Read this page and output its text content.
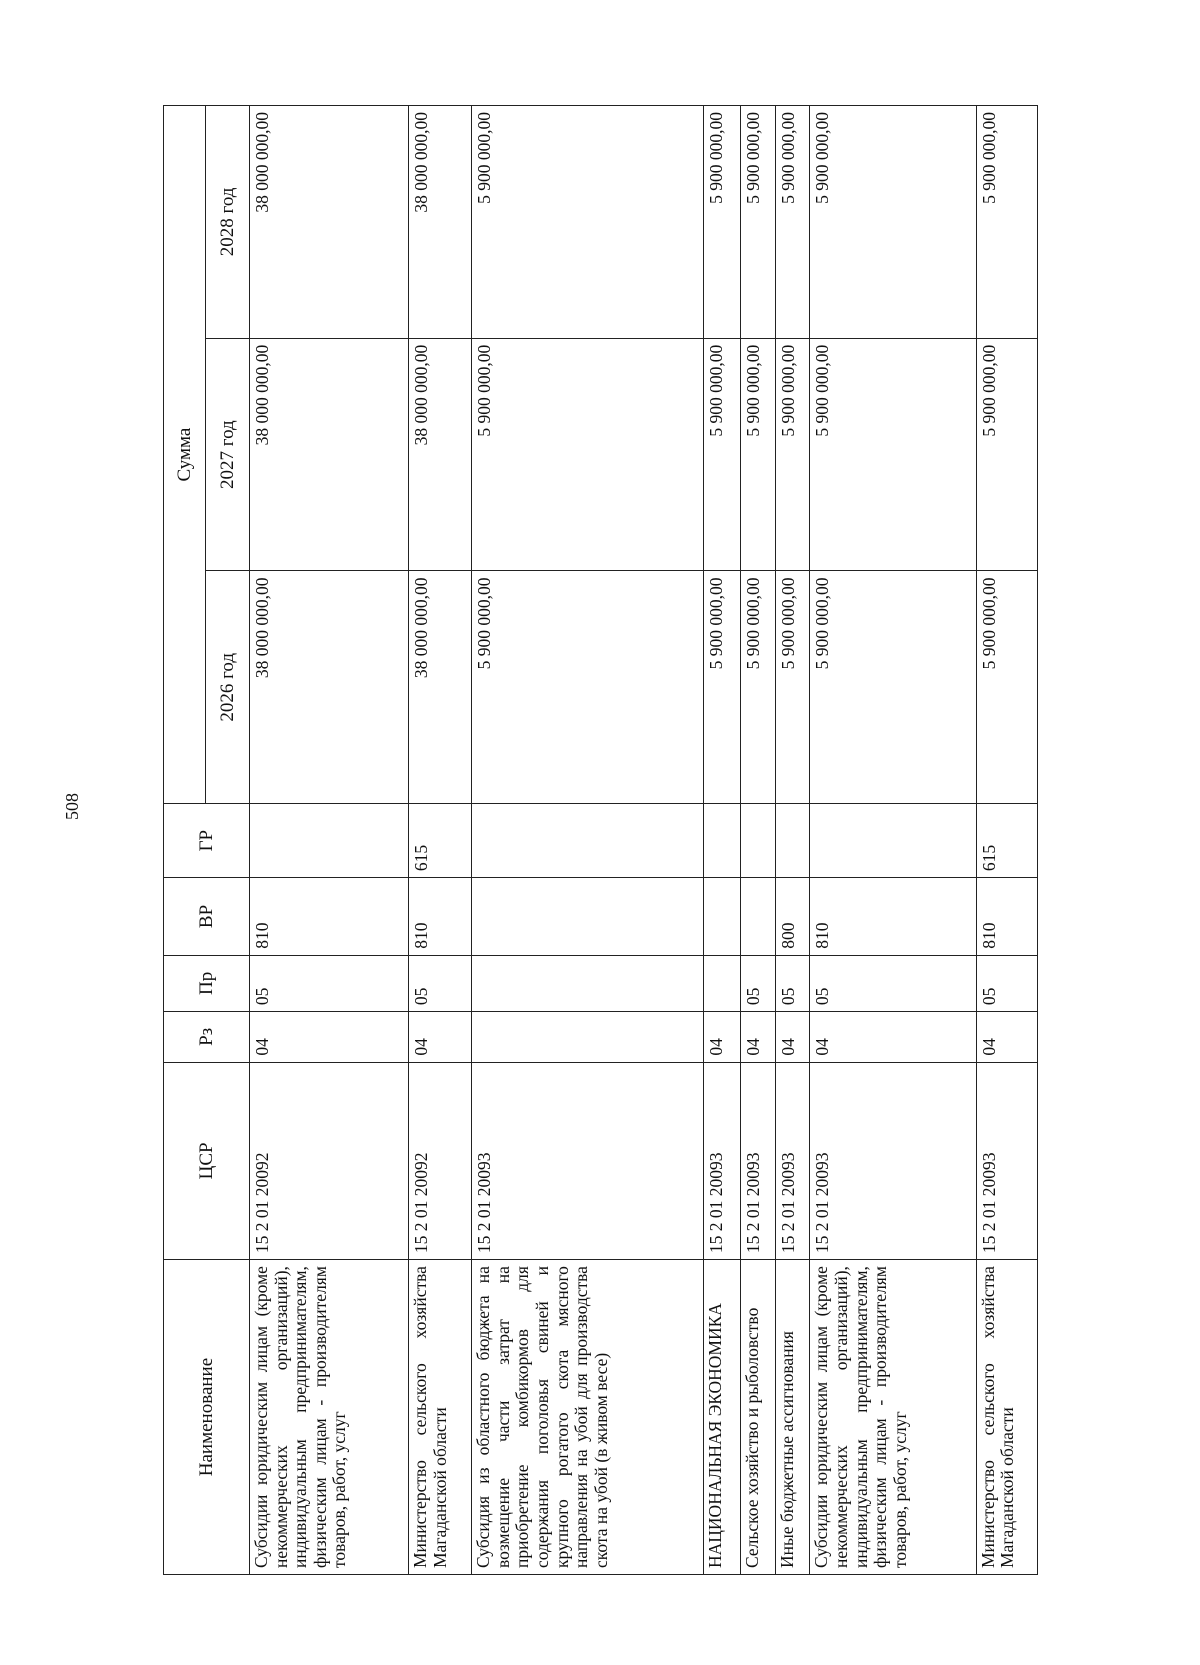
508
Наименование	ЦСР	Рз	Пр	ВР	ГР	Сумма		
						2026 год	2027 год	2028 год
Субсидии юридическим лицам (кроме некоммерческих организаций), индивидуальным предпринимателям, физическим лицам - производителям товаров, работ, услуг	15 2 01 20092	04	05	810		38 000 000,00	38 000 000,00	38 000 000,00
Министерство сельского хозяйства Магаданской области	15 2 01 20092	04	05	810	615	38 000 000,00	38 000 000,00	38 000 000,00
Субсидия из областного бюджета на возмещение части затрат на приобретение комбикормов для содержания поголовья свиней и крупного рогатого скота мясного направления на убой для производства скота на убой (в живом весе)	15 2 01 20093					5 900 000,00	5 900 000,00	5 900 000,00
НАЦИОНАЛЬНАЯ ЭКОНОМИКА	15 2 01 20093	04				5 900 000,00	5 900 000,00	5 900 000,00
Сельское хозяйство и рыболовство	15 2 01 20093	04	05			5 900 000,00	5 900 000,00	5 900 000,00
Иные бюджетные ассигнования	15 2 01 20093	04	05	800		5 900 000,00	5 900 000,00	5 900 000,00
Субсидии юридическим лицам (кроме некоммерческих организаций), индивидуальным предпринимателям, физическим лицам - производителям товаров, работ, услуг	15 2 01 20093	04	05	810		5 900 000,00	5 900 000,00	5 900 000,00
Министерство сельского хозяйства Магаданской области	15 2 01 20093	04	05	810	615	5 900 000,00	5 900 000,00	5 900 000,00
